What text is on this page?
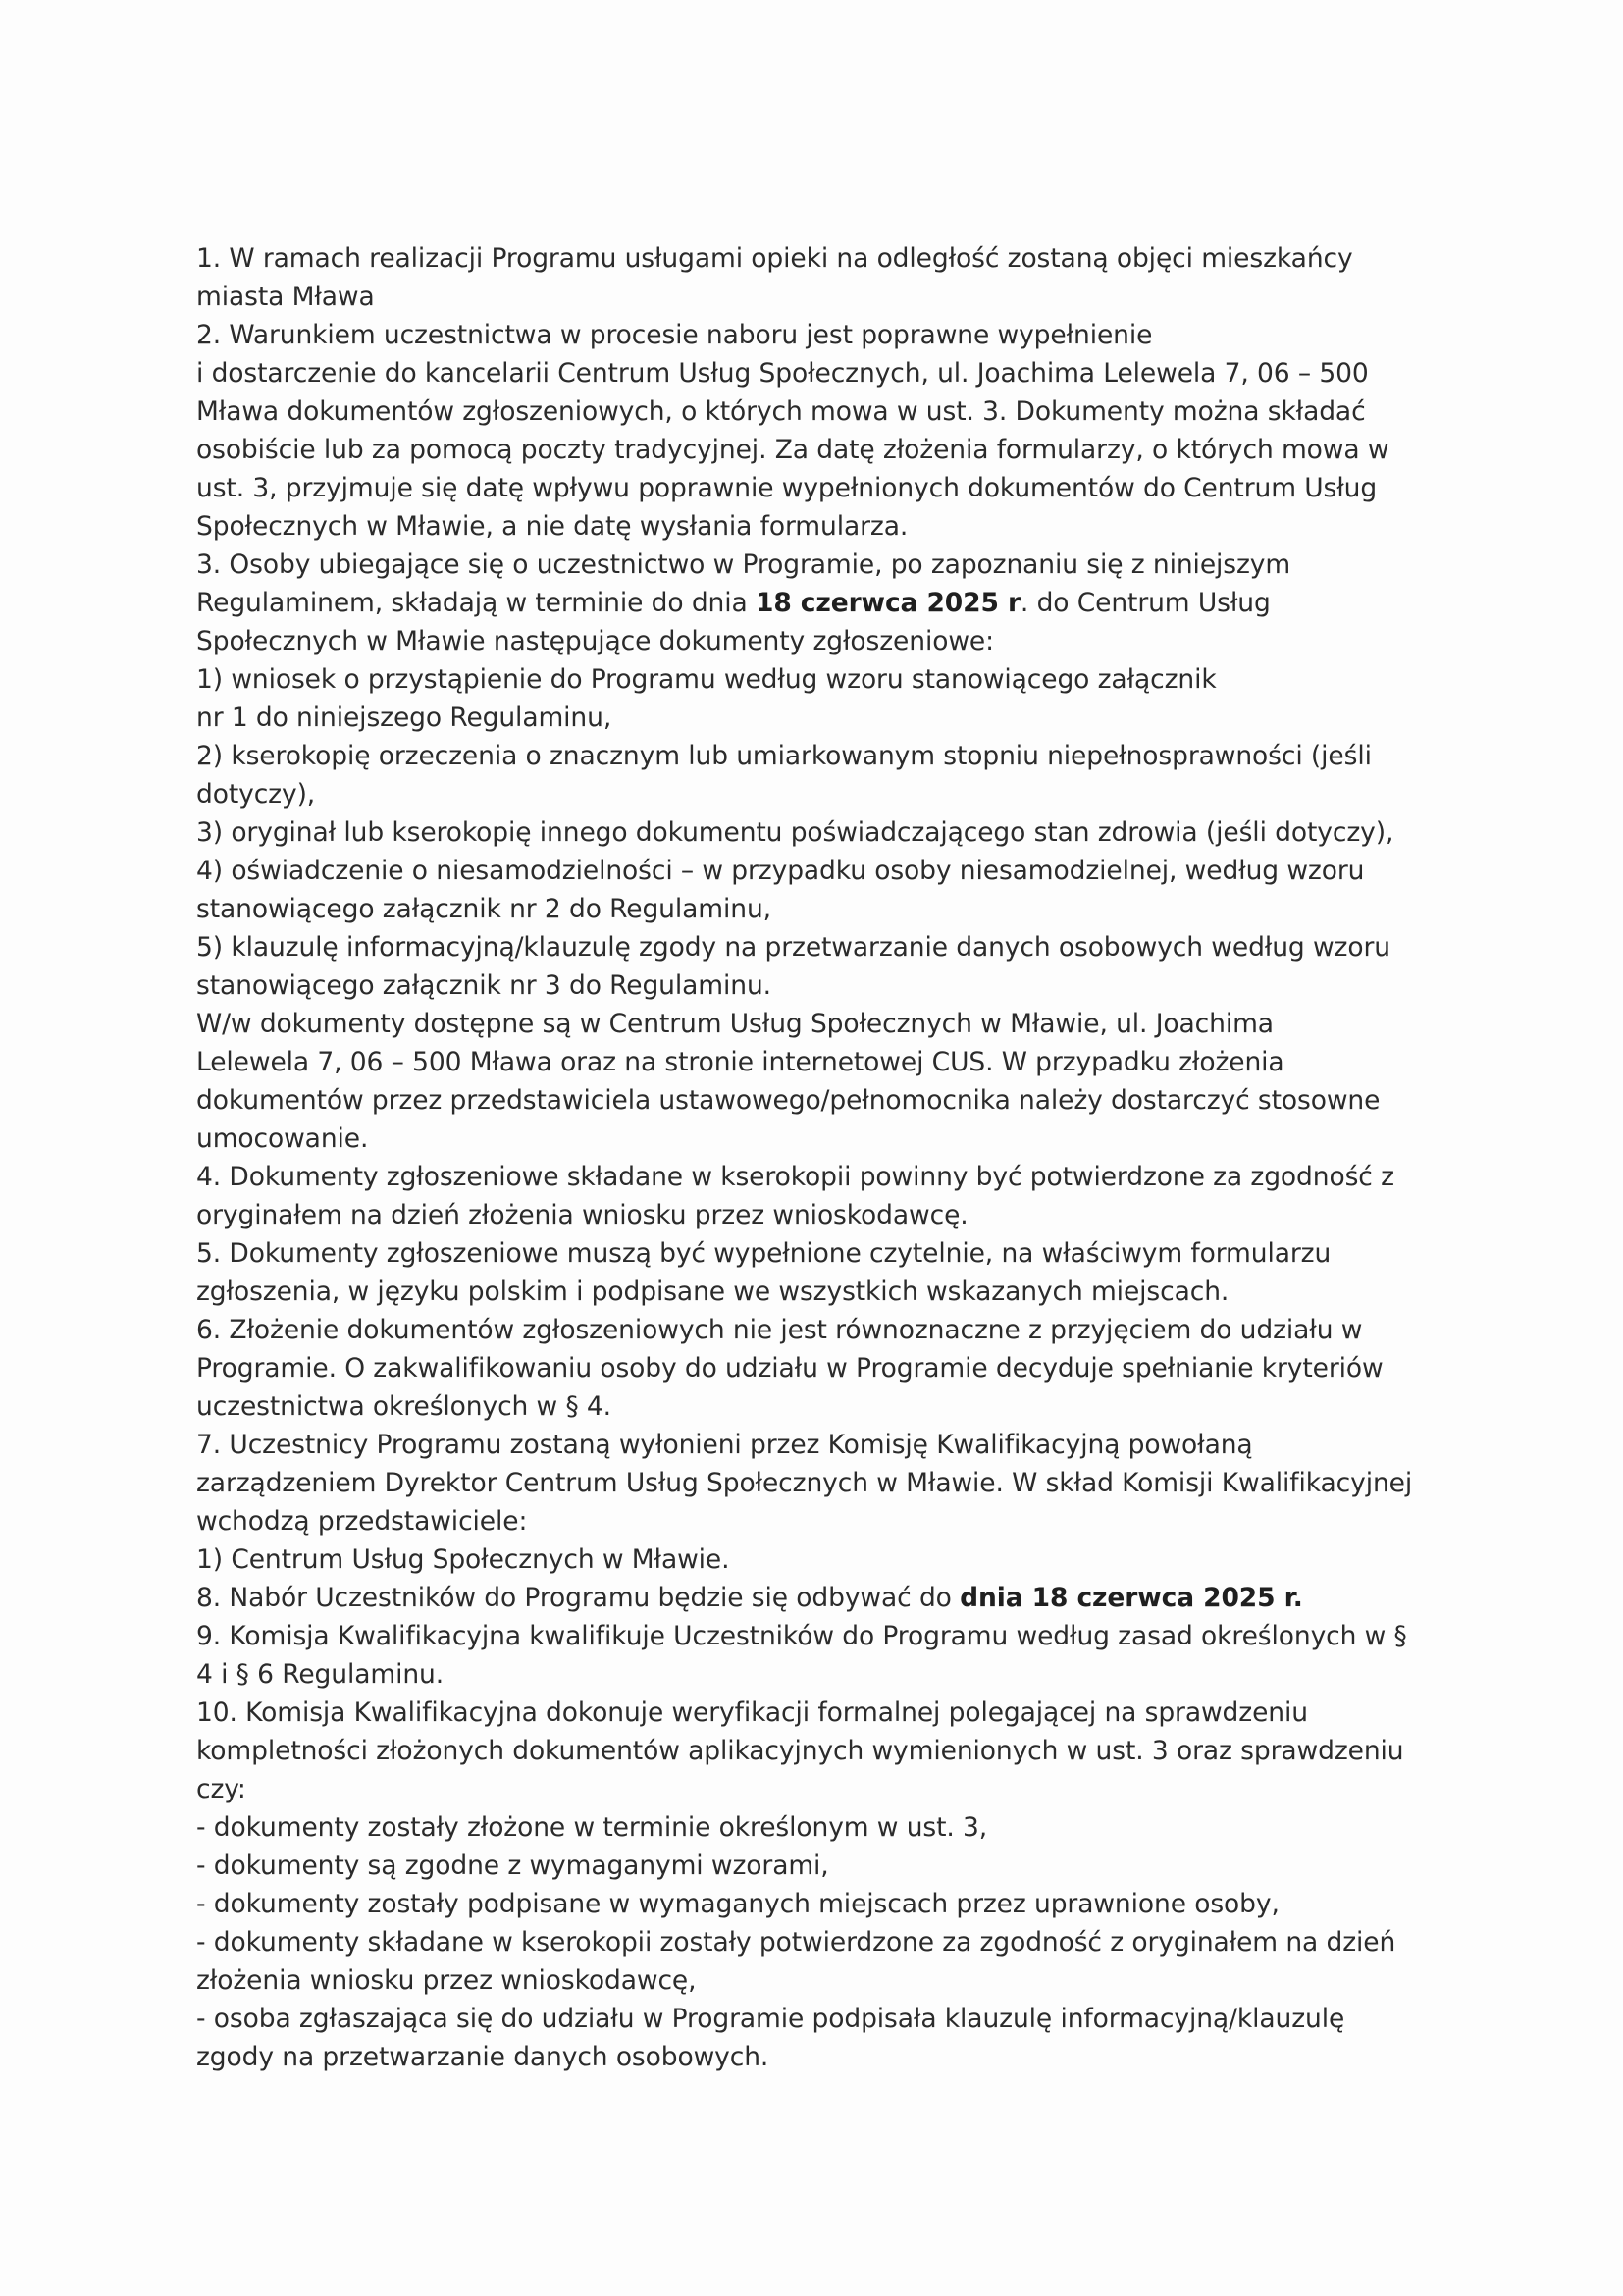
1. W ramach realizacji Programu usługami opieki na odległość zostaną objęci mieszkańcy
miasta Mława
2. Warunkiem uczestnictwa w procesie naboru jest poprawne wypełnienie
i dostarczenie do kancelarii Centrum Usług Społecznych, ul. Joachima Lelewela 7, 06 – 500
Mława dokumentów zgłoszeniowych, o których mowa w ust. 3. Dokumenty można składać
osobiście lub za pomocą poczty tradycyjnej. Za datę złożenia formularzy, o których mowa w
ust. 3, przyjmuje się datę wpływu poprawnie wypełnionych dokumentów do Centrum Usług
Społecznych w Mławie, a nie datę wysłania formularza.
3. Osoby ubiegające się o uczestnictwo w Programie, po zapoznaniu się z niniejszym
Regulaminem, składają w terminie do dnia 18 czerwca 2025 r. do Centrum Usług
Społecznych w Mławie następujące dokumenty zgłoszeniowe:
1) wniosek o przystąpienie do Programu według wzoru stanowiącego załącznik
nr 1 do niniejszego Regulaminu,
2) kserokopię orzeczenia o znacznym lub umiarkowanym stopniu niepełnosprawności (jeśli
dotyczy),
3) oryginał lub kserokopię innego dokumentu poświadczającego stan zdrowia (jeśli dotyczy),
4) oświadczenie o niesamodzielności – w przypadku osoby niesamodzielnej, według wzoru
stanowiącego załącznik nr 2 do Regulaminu,
5) klauzulę informacyjną/klauzulę zgody na przetwarzanie danych osobowych według wzoru
stanowiącego załącznik nr 3 do Regulaminu.
W/w dokumenty dostępne są w Centrum Usług Społecznych w Mławie, ul. Joachima
Lelewela 7, 06 – 500 Mława oraz na stronie internetowej CUS. W przypadku złożenia
dokumentów przez przedstawiciela ustawowego/pełnomocnika należy dostarczyć stosowne
umocowanie.
4. Dokumenty zgłoszeniowe składane w kserokopii powinny być potwierdzone za zgodność z
oryginałem na dzień złożenia wniosku przez wnioskodawcę.
5. Dokumenty zgłoszeniowe muszą być wypełnione czytelnie, na właściwym formularzu
zgłoszenia, w języku polskim i podpisane we wszystkich wskazanych miejscach.
6. Złożenie dokumentów zgłoszeniowych nie jest równoznaczne z przyjęciem do udziału w
Programie. O zakwalifikowaniu osoby do udziału w Programie decyduje spełnianie kryteriów
uczestnictwa określonych w § 4.
7. Uczestnicy Programu zostaną wyłonieni przez Komisję Kwalifikacyjną powołaną
zarządzeniem Dyrektor Centrum Usług Społecznych w Mławie. W skład Komisji Kwalifikacyjnej
wchodzą przedstawiciele:
1) Centrum Usług Społecznych w Mławie.
8. Nabór Uczestników do Programu będzie się odbywać do dnia 18 czerwca 2025 r.
9. Komisja Kwalifikacyjna kwalifikuje Uczestników do Programu według zasad określonych w §
4 i § 6 Regulaminu.
10. Komisja Kwalifikacyjna dokonuje weryfikacji formalnej polegającej na sprawdzeniu
kompletności złożonych dokumentów aplikacyjnych wymienionych w ust. 3 oraz sprawdzeniu
czy:
- dokumenty zostały złożone w terminie określonym w ust. 3,
- dokumenty są zgodne z wymaganymi wzorami,
- dokumenty zostały podpisane w wymaganych miejscach przez uprawnione osoby,
- dokumenty składane w kserokopii zostały potwierdzone za zgodność z oryginałem na dzień
złożenia wniosku przez wnioskodawcę,
- osoba zgłaszająca się do udziału w Programie podpisała klauzulę informacyjną/klauzulę
zgody na przetwarzanie danych osobowych.
